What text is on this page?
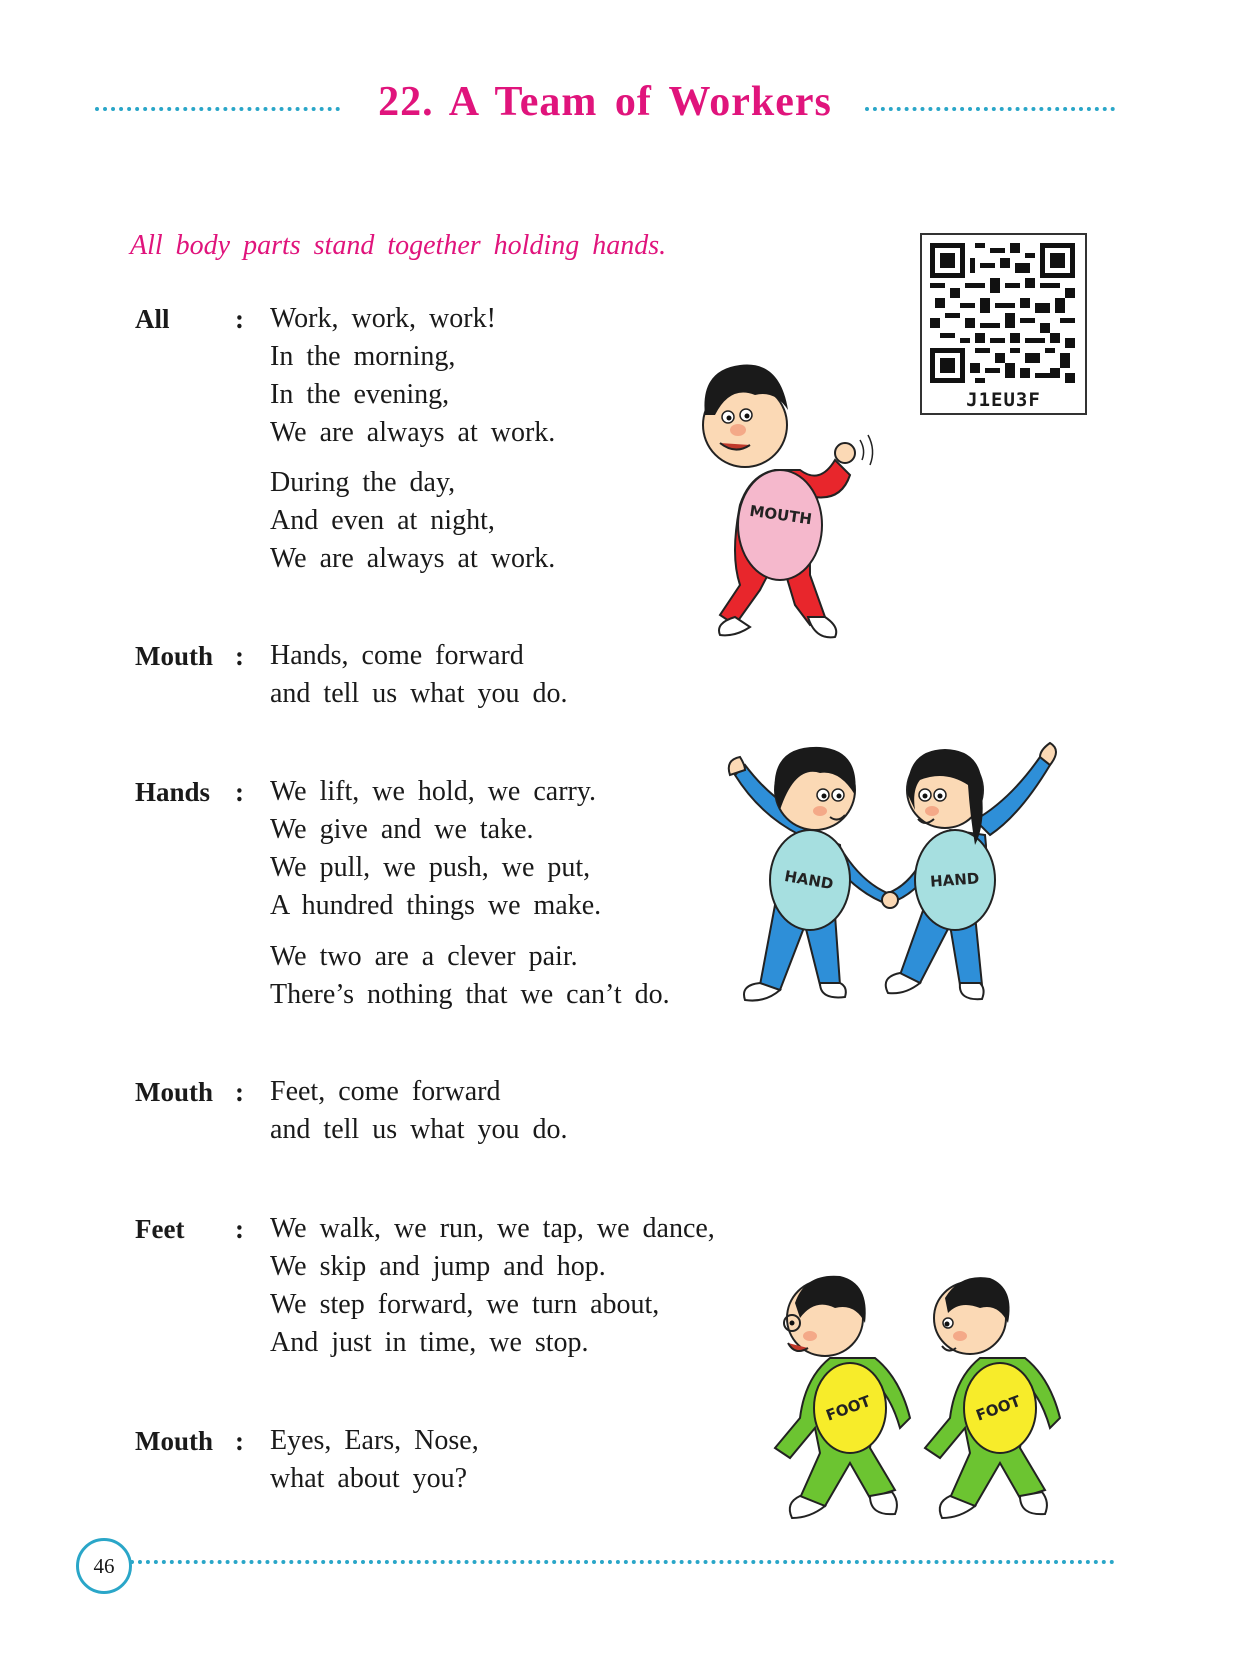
22. A Team of Workers
All body parts stand together holding hands.
J1EU3F
All	: Work, work, work!
In the morning,
In the evening,
We are always at work.
During the day,
And even at night,
We are always at work.
Mouth : Hands, come forward
and tell us what you do.
Hands : We lift, we hold, we carry.
We give and we take.
We pull, we push, we put,
A hundred things we make.
We two are a clever pair.
There’s nothing that we can’t do.
Mouth : Feet, come forward
and tell us what you do.
Feet	: We walk, we run, we tap, we dance,
We skip and jump and hop.
We step forward, we turn about,
And just in time, we stop.
Mouth : Eyes, Ears, Nose,
what about you?
MOUTH
HAND	HAND
FOOT	FOOT
46
